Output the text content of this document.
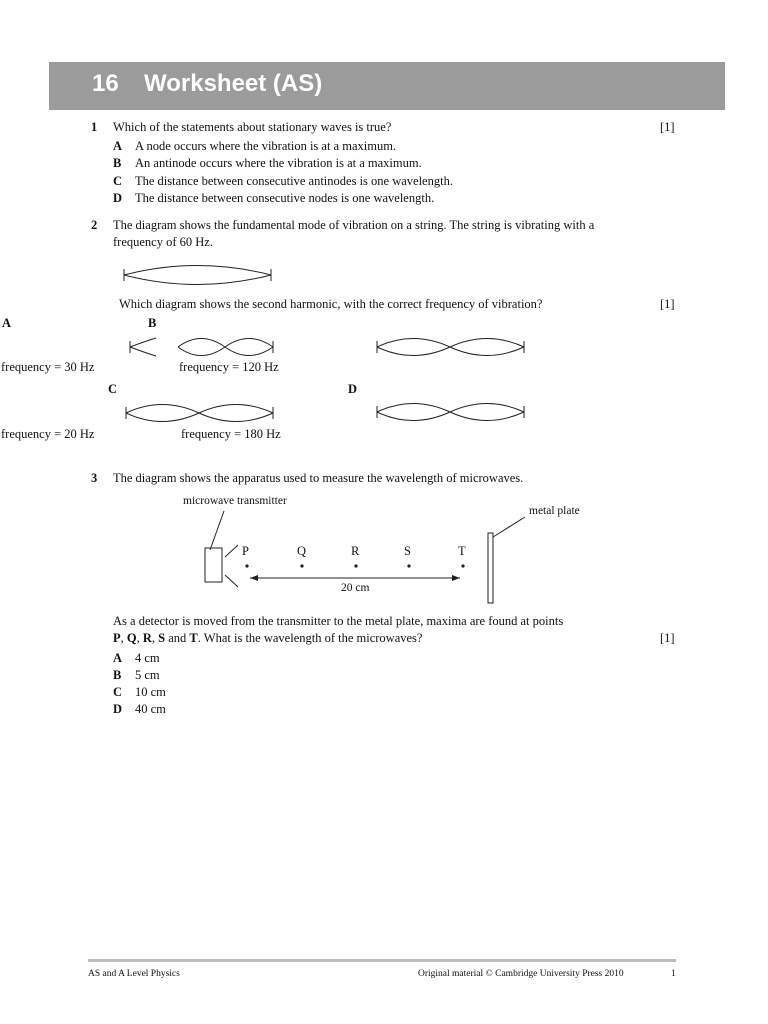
16 Worksheet (AS)
1 Which of the statements about stationary waves is true?	[1]
A A node occurs where the vibration is at a maximum.
B An antinode occurs where the vibration is at a maximum.
C The distance between consecutive antinodes is one wavelength.
D The distance between consecutive nodes is one wavelength.
2 The diagram shows the fundamental mode of vibration on a string. The string is vibrating with a
frequency of 60 Hz.
Which diagram shows the second harmonic, with the correct frequency of vibration?	[1]
A
frequency = 30 Hz
B
frequency = 120 Hz
C
frequency = 20 Hz
D
frequency = 180 Hz
3 The diagram shows the apparatus used to measure the wavelength of microwaves.
microwave transmitter
metal plate
P	Q	R	S	T
20 cm
As a detector is moved from the transmitter to the metal plate, maxima are found at points
P, Q, R, S and T. What is the wavelength of the microwaves?	[1]
A 4 cm
B 5 cm
C 10 cm
D 40 cm
AS and A Level Physics	Original material © Cambridge University Press 2010	1
